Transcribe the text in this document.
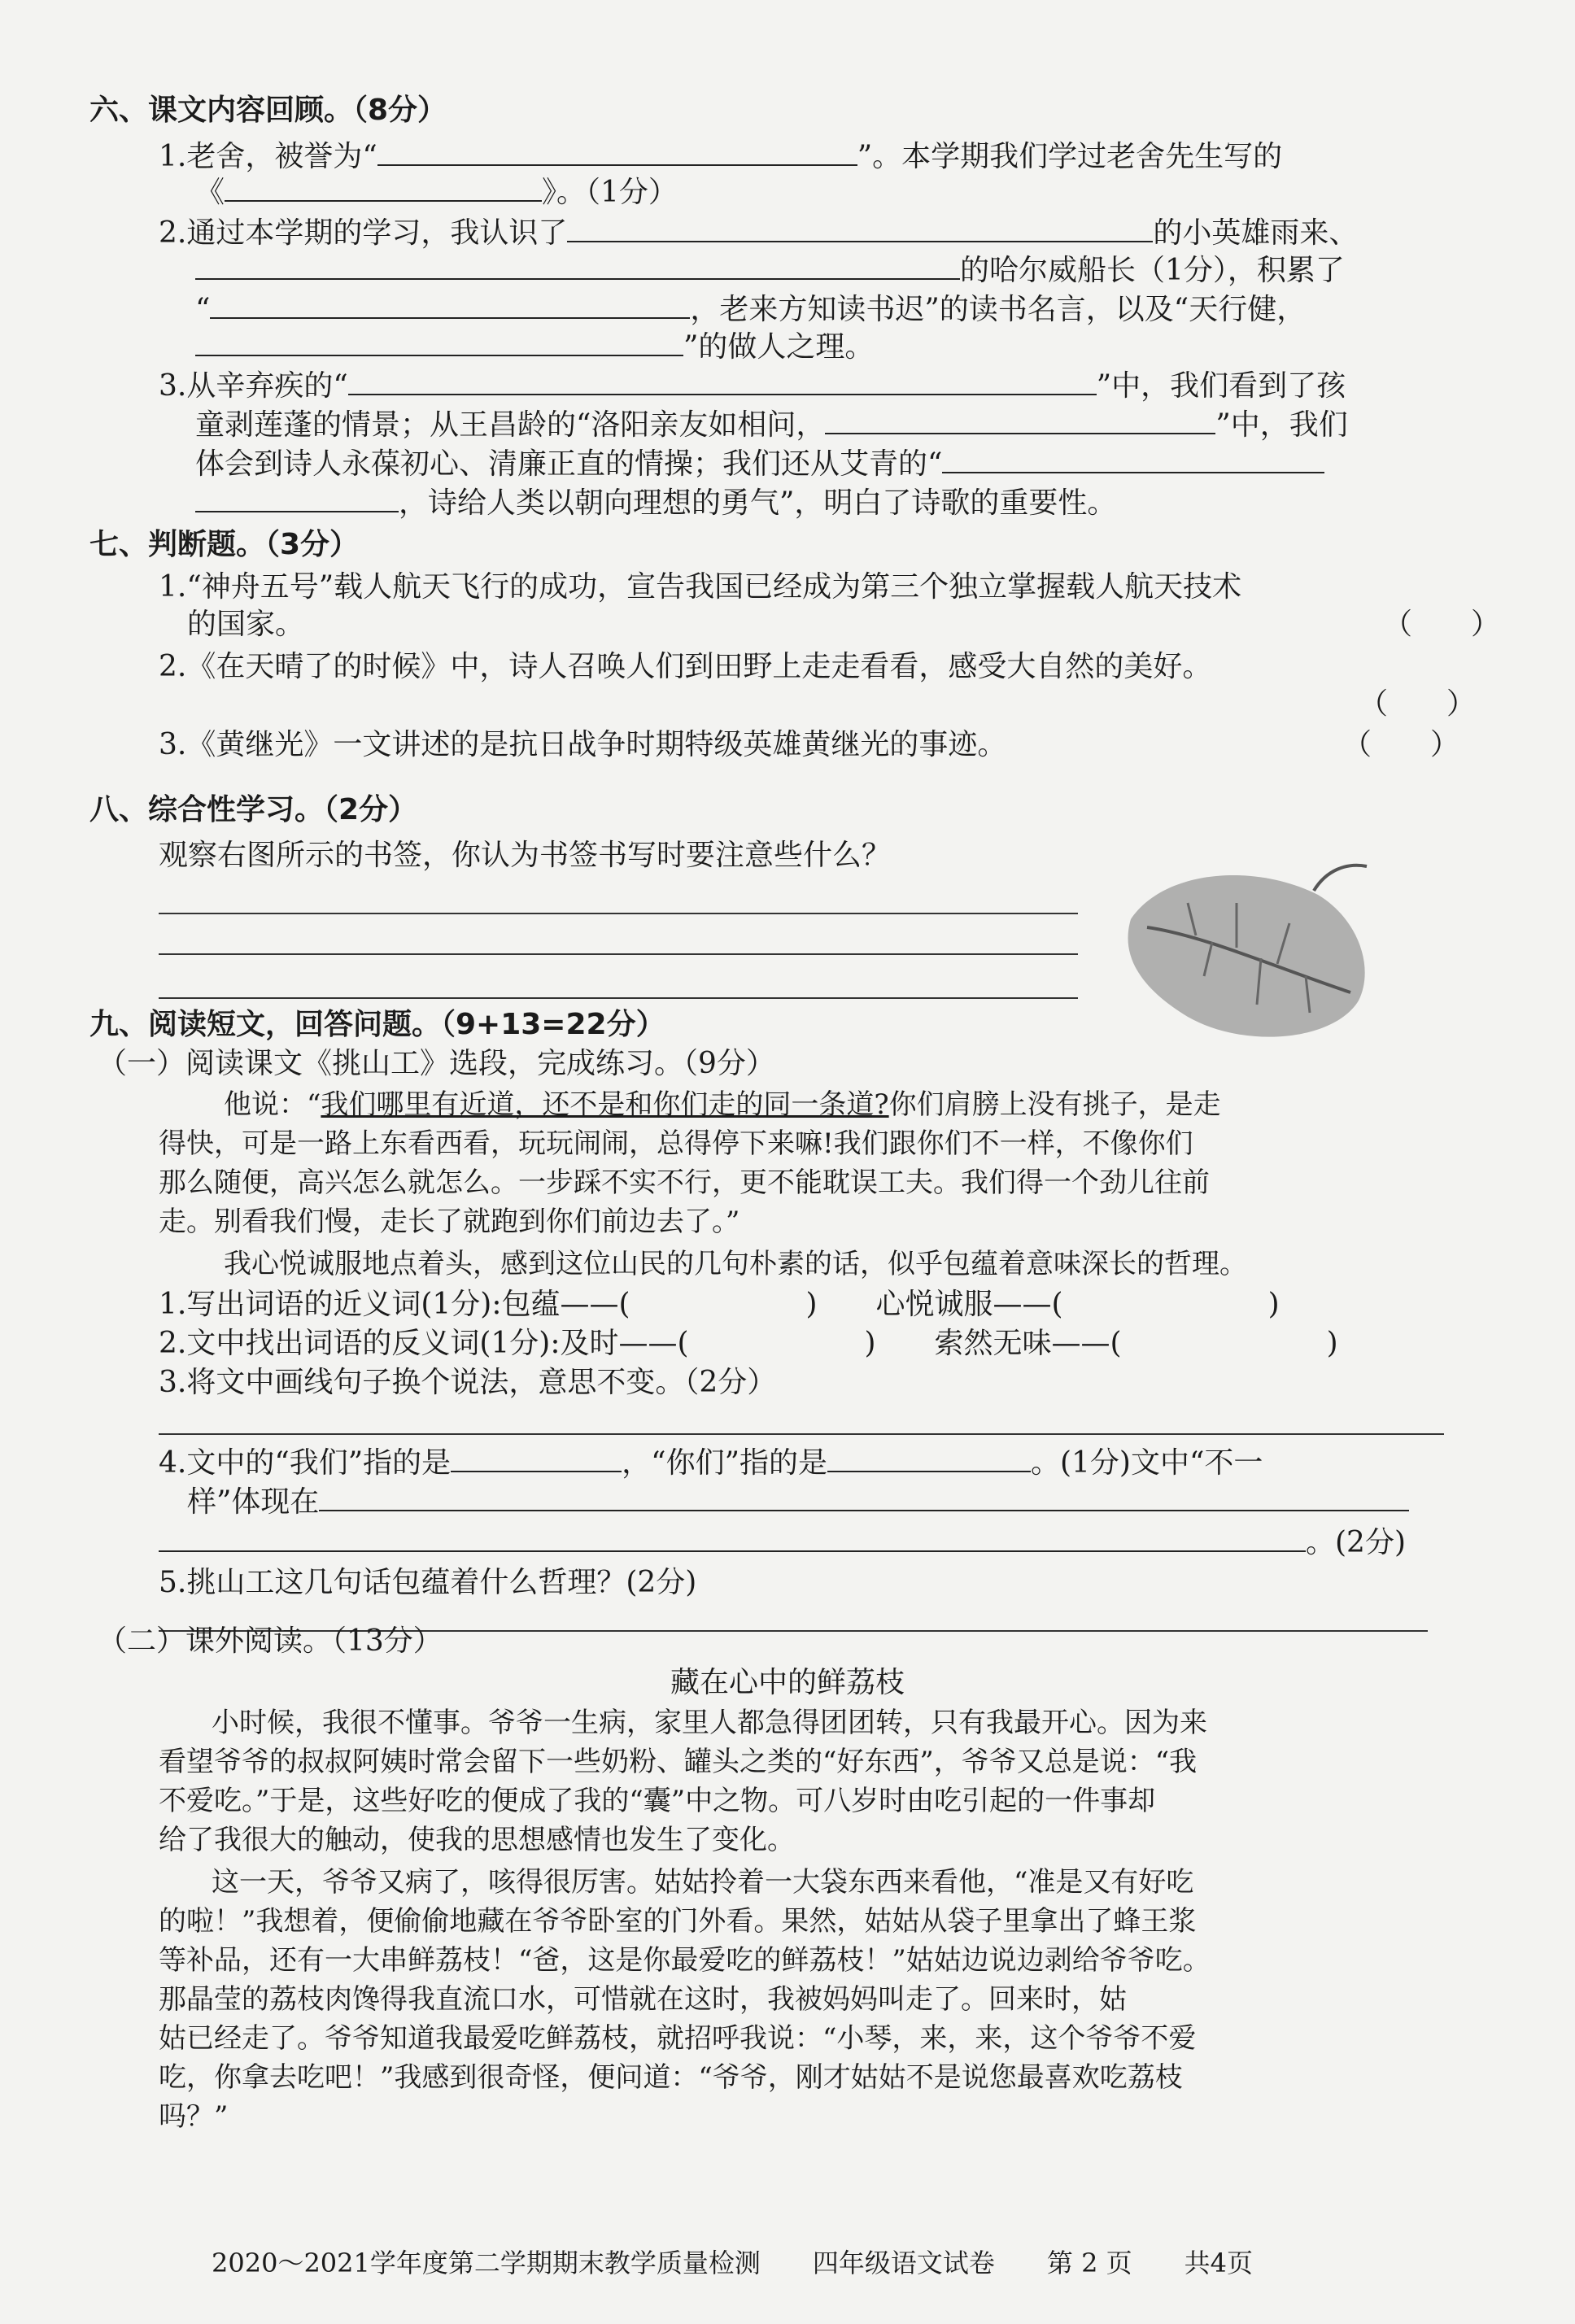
六、课文内容回顾。（8分）
1.老舍，被誉为“	”。本学期我们学过老舍先生写的
《	》。（1分）
2.通过本学期的学习，我认识了	的小英雄雨来、
的哈尔威船长（1分），积累了
“	，老来方知读书迟”的读书名言，以及“天行健，
”的做人之理。
3.从辛弃疾的“	”中，我们看到了孩
童剥莲蓬的情景；从王昌龄的“洛阳亲友如相问，	”中，我们
体会到诗人永葆初心、清廉正直的情操；我们还从艾青的“
，诗给人类以朝向理想的勇气”，明白了诗歌的重要性。
七、判断题。（3分）
1.“神舟五号”载人航天飞行的成功，宣告我国已经成为第三个独立掌握载人航天技术
的国家。	（　　）
2.《在天晴了的时候》中，诗人召唤人们到田野上走走看看，感受大自然的美好。
（　　）
3.《黄继光》一文讲述的是抗日战争时期特级英雄黄继光的事迹。	（　　）
八、综合性学习。（2分）
观察右图所示的书签，你认为书签书写时要注意些什么？
九、阅读短文，回答问题。（9+13=22分）
（一）阅读课文《挑山工》选段，完成练习。（9分）
他说：“我们哪里有近道，还不是和你们走的同一条道?你们肩膀上没有挑子，是走
得快，可是一路上东看西看，玩玩闹闹，总得停下来嘛!我们跟你们不一样，不像你们
那么随便，高兴怎么就怎么。一步踩不实不行，更不能耽误工夫。我们得一个劲儿往前
走。别看我们慢，走长了就跑到你们前边去了。”
我心悦诚服地点着头，感到这位山民的几句朴素的话，似乎包蕴着意味深长的哲理。
1.写出词语的近义词(1分):包蕴——(　　　　　　)　　心悦诚服——(　　　　　　　)
2.文中找出词语的反义词(1分):及时——(　　　　　　)　　索然无味——(　　　　　　　)
3.将文中画线句子换个说法，意思不变。（2分）
4.文中的“我们”指的是	，“你们”指的是	。(1分)文中“不一
样”体现在
。(2分)
5.挑山工这几句话包蕴着什么哲理？(2分)
（二）课外阅读。（13分）
藏在心中的鲜荔枝
小时候，我很不懂事。爷爷一生病，家里人都急得团团转，只有我最开心。因为来
看望爷爷的叔叔阿姨时常会留下一些奶粉、罐头之类的“好东西”，爷爷又总是说：“我
不爱吃。”于是，这些好吃的便成了我的“囊”中之物。可八岁时由吃引起的一件事却
给了我很大的触动，使我的思想感情也发生了变化。
这一天，爷爷又病了，咳得很厉害。姑姑拎着一大袋东西来看他，“准是又有好吃
的啦！”我想着，便偷偷地藏在爷爷卧室的门外看。果然，姑姑从袋子里拿出了蜂王浆
等补品，还有一大串鲜荔枝！“爸，这是你最爱吃的鲜荔枝！”姑姑边说边剥给爷爷吃。
那晶莹的荔枝肉馋得我直流口水，可惜就在这时，我被妈妈叫走了。回来时，姑
姑已经走了。爷爷知道我最爱吃鲜荔枝，就招呼我说：“小琴，来，来，这个爷爷不爱
吃，你拿去吃吧！”我感到很奇怪，便问道：“爷爷，刚才姑姑不是说您最喜欢吃荔枝
吗？”
2020～2021学年度第二学期期末教学质量检测   四年级语文试卷   第 2 页   共4页
